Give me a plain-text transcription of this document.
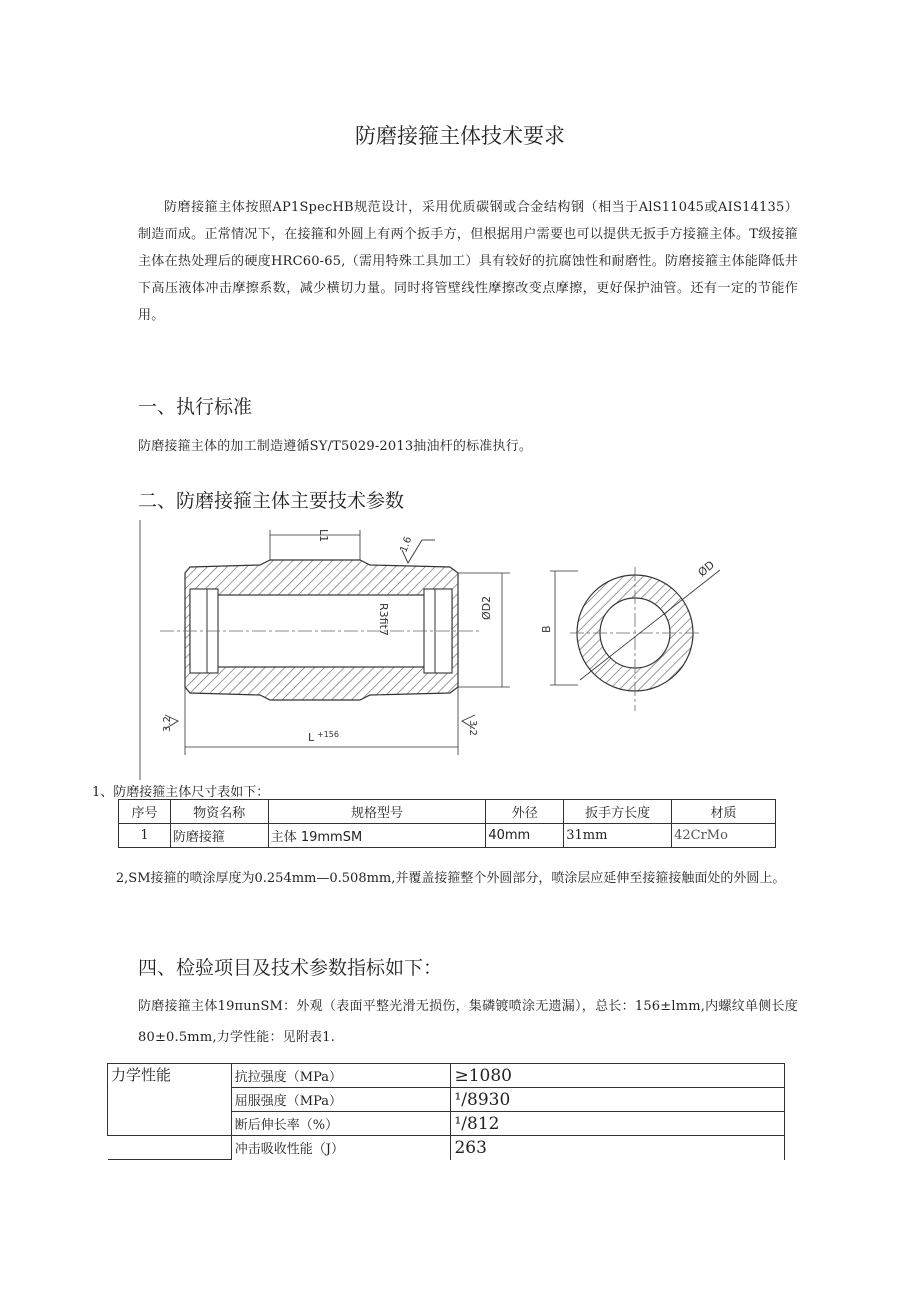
防磨接箍主体技术要求
防磨接箍主体按照AP1SpecHB规范设计，采用优质碳钢或合金结构钢（相当于AlS11045或AIS14135）制造而成。正常情况下，在接箍和外圆上有两个扳手方，但根据用户需要也可以提供无扳手方接箍主体。T级接箍主体在热处理后的硬度HRC60-65,（需用特殊工具加工）具有较好的抗腐蚀性和耐磨性。防磨接箍主体能降低井下高压液体冲击摩擦系数，减少横切力量。同时将管壁线性摩擦改变点摩擦，更好保护油管。还有一定的节能作用。
一、执行标准
防磨接箍主体的加工制造遵循SY/T5029-2013抽油杆的标准执行。
二、防磨接箍主体主要技术参数
L1	1.6
R3fit7	ØD2
L +156
3.2	3.2
B
ØD
1、防磨接箍主体尺寸表如下：
序号	物资名称	规格型号	外径	扳手方长度	材质
1	防磨接箍	主体 19mmSM	40mm	31mm	42CrMo
2,SM接箍的喷涂厚度为0.254mm—0.508mm,并覆盖接箍整个外圆部分，喷涂层应延伸至接箍接触面处的外圆上。
四、检验项目及技术参数指标如下：
防磨接箍主体19πunSM：外观（表面平整光滑无损伤，集磷镀喷涂无遗漏），总长：156±lmm,内螺纹单侧长度80±0.5mm,力学性能：见附表1.
力学性能	抗拉强度（MPa）	≥1080
	屈服强度（MPa）	¹/8930
	断后伸长率（%）	¹/812
	冲击吸收性能（J）	263
